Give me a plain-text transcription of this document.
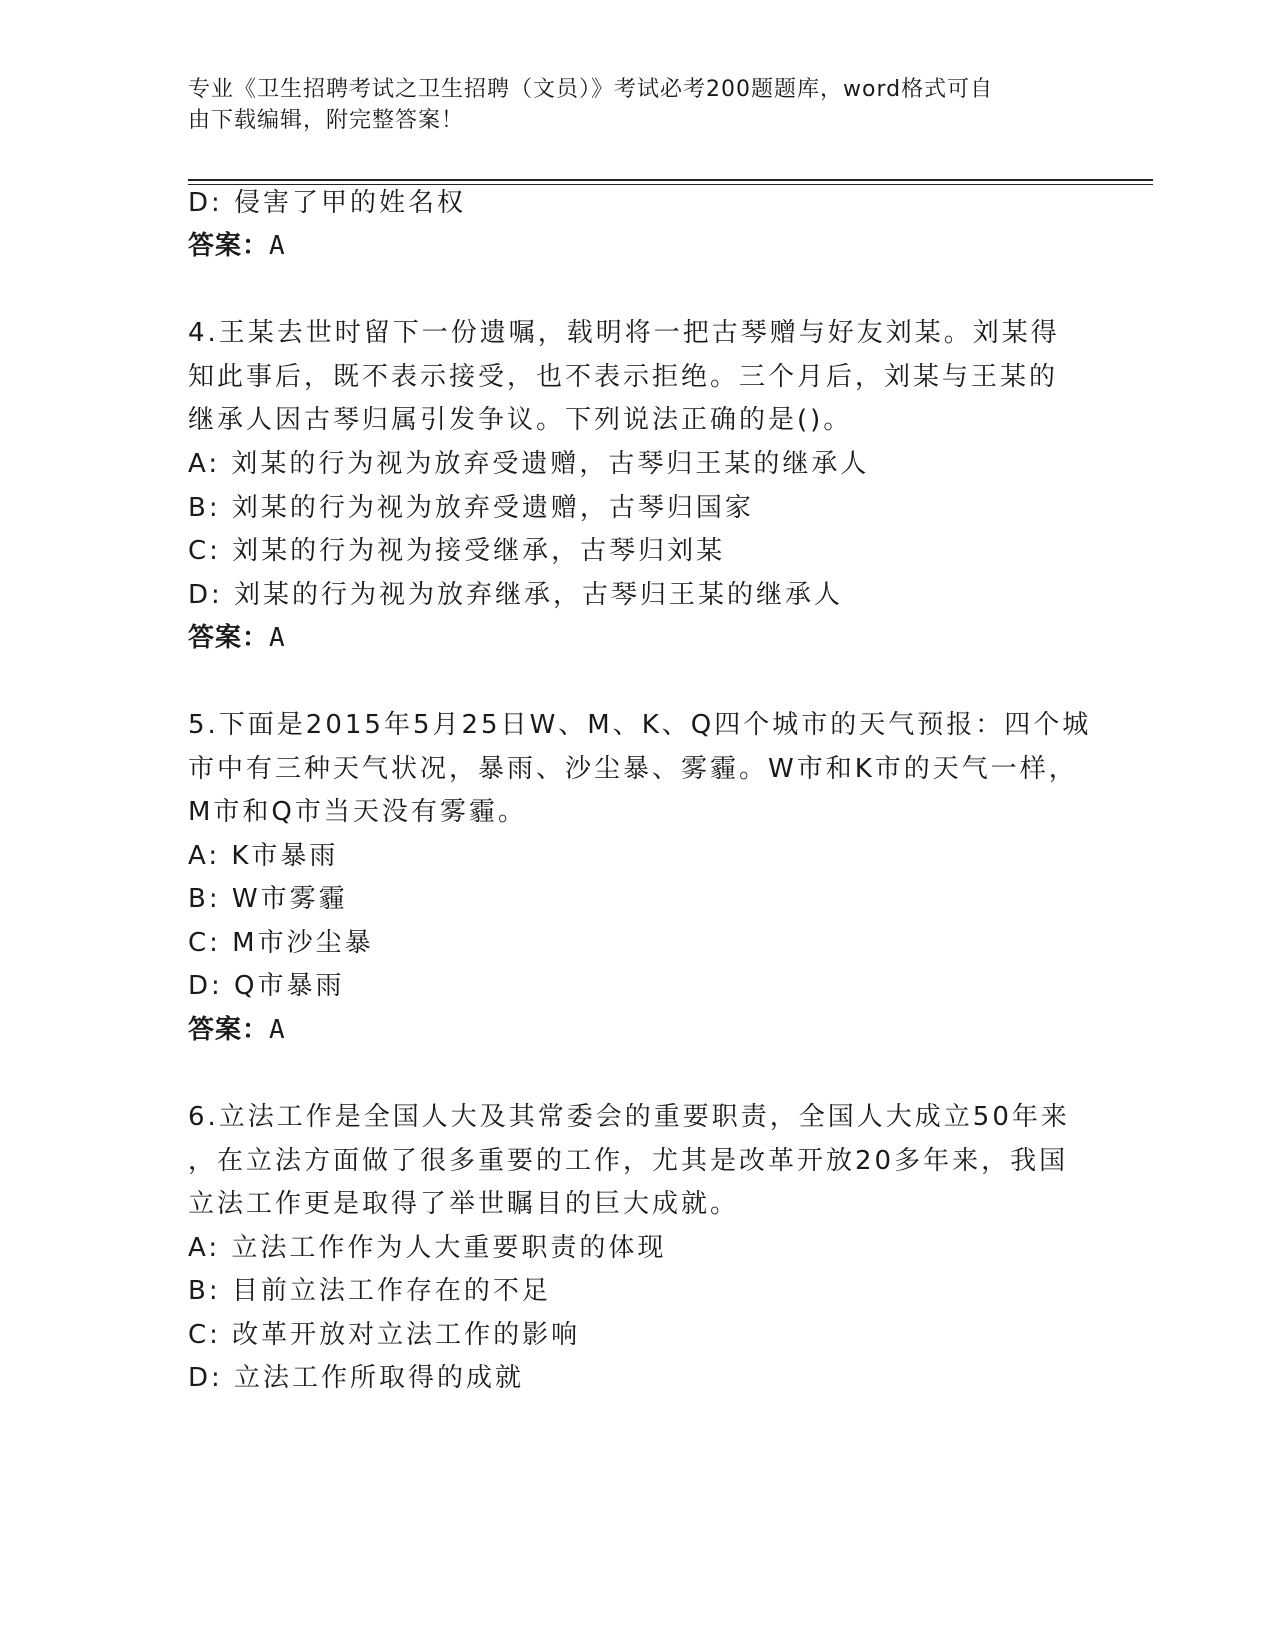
专业《卫生招聘考试之卫生招聘（文员）》考试必考200题题库，word格式可自
由下载编辑，附完整答案！
D: 侵害了甲的姓名权
答案：A
4.王某去世时留下一份遗嘱，载明将一把古琴赠与好友刘某。刘某得
知此事后，既不表示接受，也不表示拒绝。三个月后，刘某与王某的
继承人因古琴归属引发争议。下列说法正确的是()。
A: 刘某的行为视为放弃受遗赠，古琴归王某的继承人
B: 刘某的行为视为放弃受遗赠，古琴归国家
C: 刘某的行为视为接受继承，古琴归刘某
D: 刘某的行为视为放弃继承，古琴归王某的继承人
答案：A
5.下面是2015年5月25日W、M、K、Q四个城市的天气预报：四个城
市中有三种天气状况，暴雨、沙尘暴、雾霾。W市和K市的天气一样，
M市和Q市当天没有雾霾。
A: K市暴雨
B: W市雾霾
C: M市沙尘暴
D: Q市暴雨
答案：A
6.立法工作是全国人大及其常委会的重要职责，全国人大成立50年来
，在立法方面做了很多重要的工作，尤其是改革开放20多年来，我国
立法工作更是取得了举世瞩目的巨大成就。
A: 立法工作作为人大重要职责的体现
B: 目前立法工作存在的不足
C: 改革开放对立法工作的影响
D: 立法工作所取得的成就
